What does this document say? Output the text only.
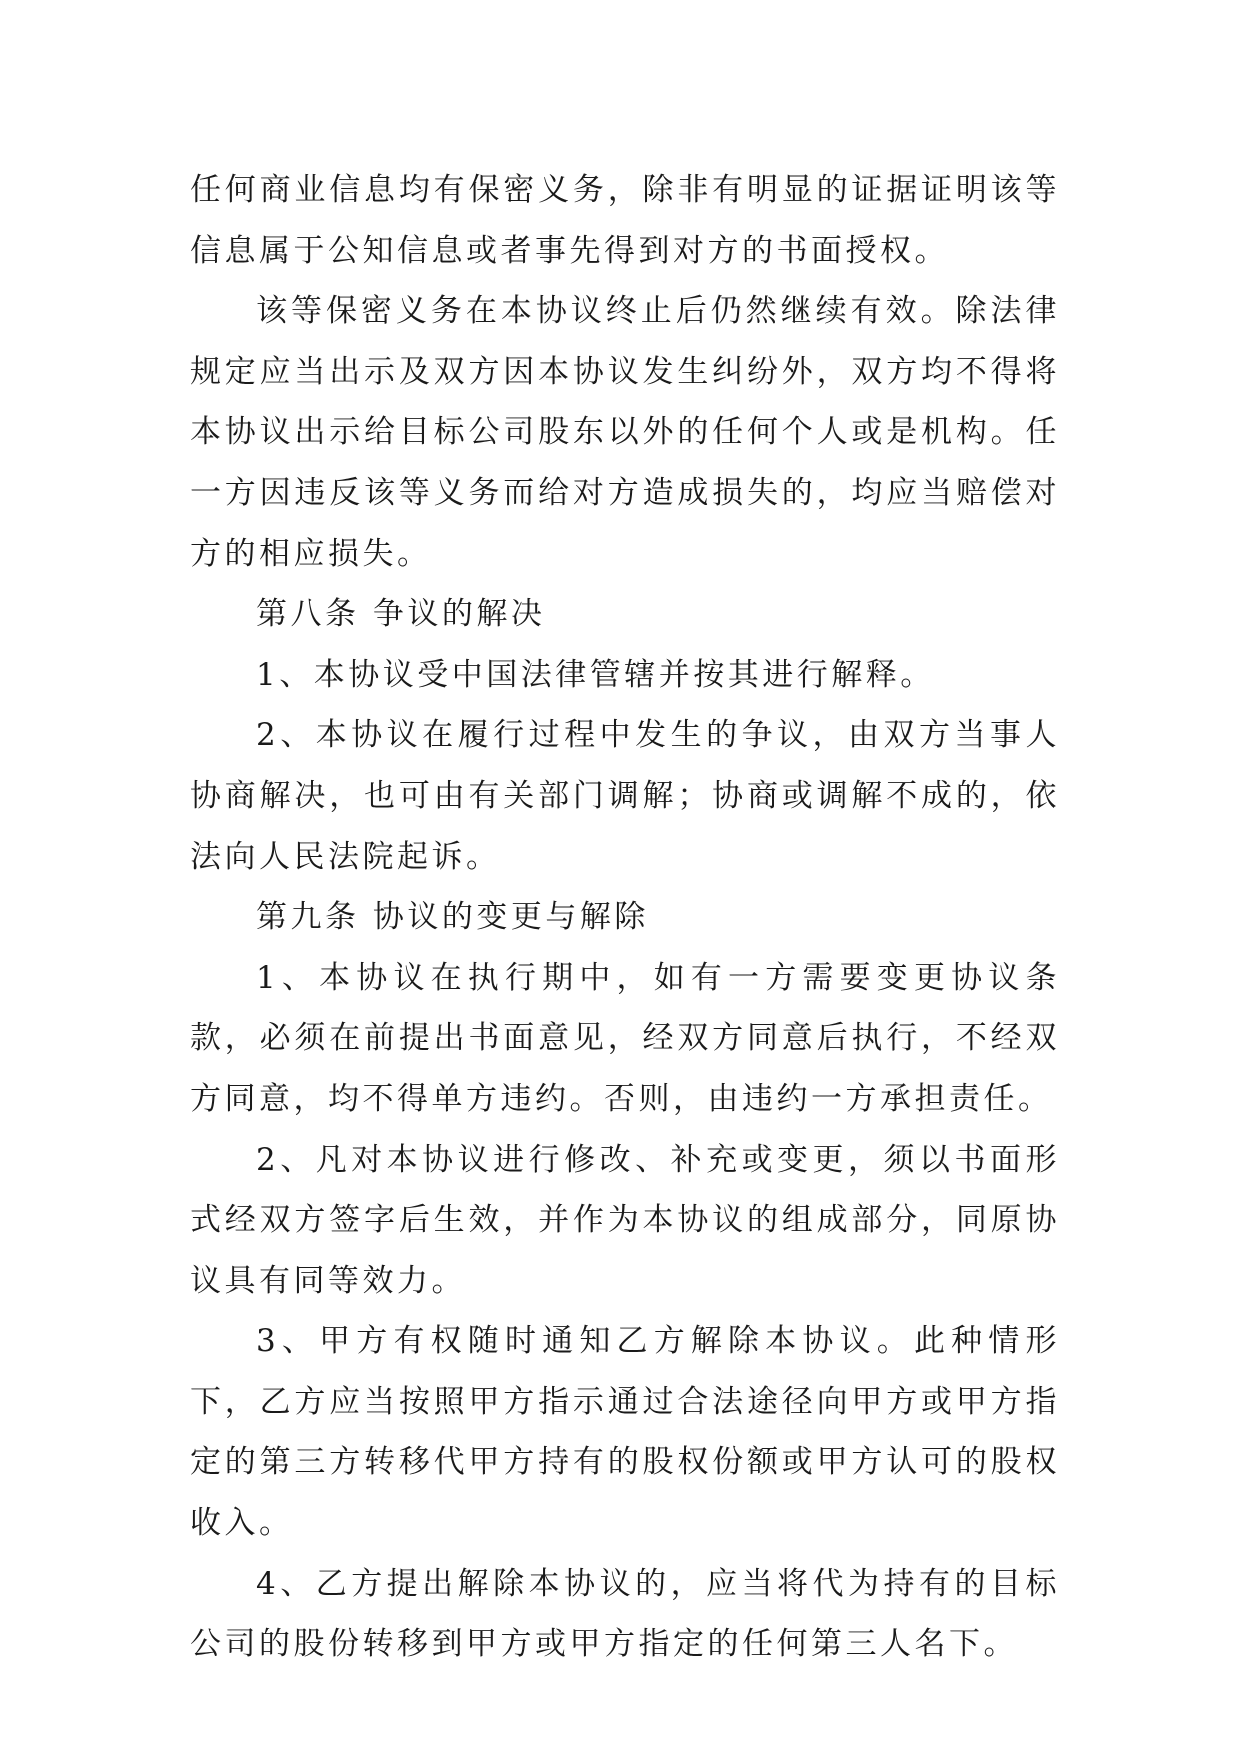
任何商业信息均有保密义务，除非有明显的证据证明该等信息属于公知信息或者事先得到对方的书面授权。

该等保密义务在本协议终止后仍然继续有效。除法律规定应当出示及双方因本协议发生纠纷外，双方均不得将本协议出示给目标公司股东以外的任何个人或是机构。任一方因违反该等义务而给对方造成损失的，均应当赔偿对方的相应损失。

第八条 争议的解决

1、本协议受中国法律管辖并按其进行解释。

2、本协议在履行过程中发生的争议，由双方当事人协商解决，也可由有关部门调解；协商或调解不成的，依法向人民法院起诉。

第九条 协议的变更与解除

1、本协议在执行期中，如有一方需要变更协议条款，必须在前提出书面意见，经双方同意后执行，不经双方同意，均不得单方违约。否则，由违约一方承担责任。

2、凡对本协议进行修改、补充或变更，须以书面形式经双方签字后生效，并作为本协议的组成部分，同原协议具有同等效力。

3、甲方有权随时通知乙方解除本协议。此种情形下，乙方应当按照甲方指示通过合法途径向甲方或甲方指定的第三方转移代甲方持有的股权份额或甲方认可的股权收入。

4、乙方提出解除本协议的，应当将代为持有的目标公司的股份转移到甲方或甲方指定的任何第三人名下。
